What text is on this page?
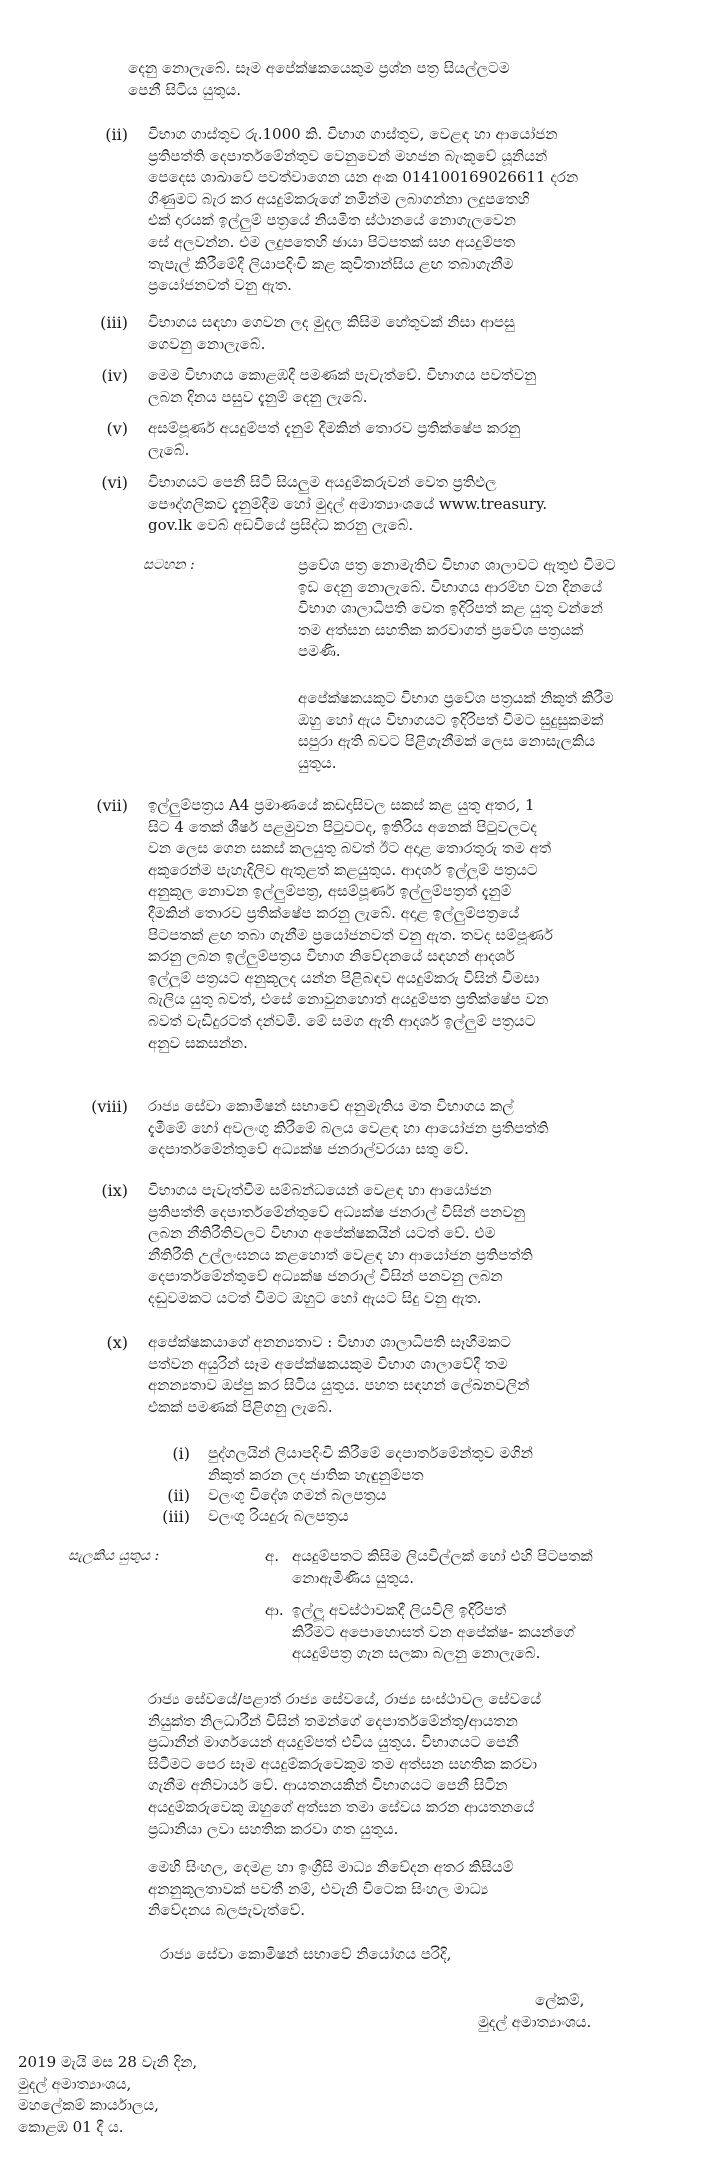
දෙනු නොලැබේ. සෑම අපේක්ෂකයෙකුම ප්‍රශ්න පත්‍ර සියල්ලටම
පෙනී සිටිය යුතුය.
(ii) විභාග ගාස්තුව රු.1000 කි. විභාග ගාස්තුව, වෙළඳ හා ආයෝජන
ප්‍රතිපත්ති දෙපාර්තමේන්තුව වෙනුවෙන් මහජන බැංකුවේ යූනියන්
පෙදෙස ශාඛාවේ පවත්වාගෙන යන අංක 014100169026611 දරන
ගිණුමට බැර කර අයදුම්කරුගේ නමින්ම ලබාගන්නා ලදුපතෙහි
එක් දාරයක් ඉල්ලුම් පත්‍රයේ නියමිත ස්ථානයේ නොගැලවෙන
සේ අලවන්න. එම ලදුපතෙහි ඡායා පිටපතක් සහ අයදුම්පත
තැපැල් කිරීමේදී ලියාපදිංචි කළ කුවිතාන්සිය ළඟ තබාගැනීම
ප්‍රයෝජනවත් වනු ඇත.
(iii) විභාගය සඳහා ගෙවන ලද මුදල කිසිම හේතුවක් නිසා ආපසු
ගෙවනු නොලැබේ.
(iv) මෙම විභාගය කොළඹදී පමණක් පැවැත්වේ. විභාගය පවත්වනු
ලබන දිනය පසුව දැනුම් දෙනු ලැබේ.
(v) අසම්පූර්ණ අයදුම්පත් දැනුම් දීමකින් තොරව ප්‍රතික්ෂේප කරනු
ලැබේ.
(vi) විභාගයට පෙනී සිටි සියලුම අයදුම්කරුවන් වෙත ප්‍රතිඵල
පෞද්ගලිකව දැනුම්දීම හෝ මුදල් අමාත්‍යාංශයේ www.treasury.
gov.lk වෙබ් අඩවියේ ප්‍රසිද්ධ කරනු ලැබේ.
සටහන :	ප්‍රවේශ පත්‍ර නොමැතිව විභාග ශාලාවට ඇතුළු වීමට
ඉඩ දෙනු නොලැබේ. විභාගය ආරම්භ වන දිනයේ
විභාග ශාලාධිපති වෙත ඉදිරිපත් කළ යුතු වන්නේ
තම අත්සන සහතික කරවාගත් ප්‍රවේශ පත්‍රයක්
පමණි.
අපේක්ෂකයකුට විභාග ප්‍රවේශ පත්‍රයක් නිකුත් කිරීම
ඔහු හෝ ඇය විභාගයට ඉදිරිපත් වීමට සුදුසුකමක්
සපුරා ඇති බවට පිළිගැනීමක් ලෙස නොසැලකිය
යුතුය.
(vii) ඉල්ලුම්පත්‍රය A4 ප්‍රමාණයේ කඩදාසිවල සකස් කළ යුතු අතර, 1
සිට 4 තෙක් ශීර්ෂ පළමුවන පිටුවටද, ඉතිරිය අනෙක් පිටුවලටද
වන ලෙස ගෙන සකස් කලයුතු බවත් ඊට අදාළ තොරතුරු තම අත්
අකුරෙන්ම පැහැදිලිව ඇතුළත් කළයුතුය. ආදර්ශ ඉල්ලුම් පත්‍රයට
අනුකූල නොවන ඉල්ලුම්පත්‍ර, අසම්පූර්ණ ඉල්ලුම්පත්‍රත් දැනුම්
දීමකින් තොරව ප්‍රතික්ෂේප කරනු ලැබේ. අදාළ ඉල්ලුම්පත්‍රයේ
පිටපතක් ළඟ තබා ගැනීම ප්‍රයෝජනවත් වනු ඇත. තවද සම්පූර්ණ
කරනු ලබන ඉල්ලුම්පත්‍රය විභාග නිවේදනයේ සඳහන් ආදර්ශ
ඉල්ලුම් පත්‍රයට අනුකූලද යන්න පිළිබඳව අයදුම්කරු විසින් විමසා
බැලිය යුතු බවත්, එසේ නොවුනහොත් අයදුම්පත ප්‍රතික්ෂේප වන
බවත් වැඩිදුරටත් දන්වමි. මේ සමග ඇති ආදර්ශ ඉල්ලුම් පත්‍රයට
අනුව සකසන්න.
(viii) රාජ්‍ය සේවා කොමිෂන් සභාවේ අනුමැතිය මත විභාගය කල්
දැමීමේ හෝ අවලංගු කිරීමේ බලය වෙළඳ හා ආයෝජන ප්‍රතිපත්ති
දෙපාර්තමේන්තුවේ අධ්‍යක්ෂ ජනරාල්වරයා සතු වේ.
(ix) විභාගය පැවැත්වීම සම්බන්ධයෙන් වෙළඳ හා ආයෝජන
ප්‍රතිපත්ති දෙපාර්තමේන්තුවේ අධ්‍යක්ෂ ජනරාල් විසින් පනවනු
ලබන නීතිරීතිවලට විභාග අපේක්ෂකයින් යටත් වේ. එම
නීතිරීති උල්ලංඝනය කළහොත් වෙළඳ හා ආයෝජන ප්‍රතිපත්ති
දෙපාර්තමේන්තුවේ අධ්‍යක්ෂ ජනරාල් විසින් පනවනු ලබන
දඬුවමකට යටත් වීමට ඔහුට හෝ ඇයට සිදු වනු ඇත.
(x) අපේක්ෂකයාගේ අනන්‍යතාව : විභාග ශාලාධිපති සෑහීමකට
පත්වන අයුරින් සෑම අපේක්ෂකයකුම විභාග ශාලාවේදී තම
අනන්‍යතාව ඔප්පු කර සිටිය යුතුය. පහත සඳහන් ලේඛනවලින්
එකක් පමණක් පිළිගනු ලැබේ.
(i) පුද්ගලයින් ලියාපදිංචි කිරීමේ දෙපාර්තමේන්තුව මගින්
නිකුත් කරන ලද ජාතික හැඳුනුම්පත
(ii) වලංගු විදේශ ගමන් බලපත්‍රය
(iii) වලංගු රියදුරු බලපත්‍රය
සැලකිය යුතුය :	අ. අයදුම්පතට කිසිම ලියවිල්ලක් හෝ එහි පිටපතක්
නොඇමිණිය යුතුය.
ආ. ඉල්ලූ අවස්ථාවකදී ලියවිලි ඉදිරිපත්
කිරීමට අපොහොසත් වන අපේක්ෂ- කයන්ගේ
අයදුම්පත්‍ර ගැන සලකා බලනු නොලැබේ.
රාජ්‍ය සේවයේ/පළාත් රාජ්‍ය සේවයේ, රාජ්‍ය සංස්ථාවල සේවයේ
නියුක්ත නිලධාරීන් විසින් තමන්ගේ දෙපාර්තමේන්තු/ආයතන
ප්‍රධානීන් මාර්ගයෙන් අයදුම්පත් එවිය යුතුය. විභාගයට පෙනී
සිටීමට පෙර සෑම අයදුම්කරුවෙකුම තම අත්සන සහතික කරවා
ගැනීම අනිවාර්ය වේ. ආයතනයකින් විභාගයට පෙනී සිටින
අයදුම්කරුවෙකු ඔහුගේ අත්සන තමා සේවය කරන ආයතනයේ
ප්‍රධානියා ලවා සහතික කරවා ගත යුතුය.
මෙහි සිංහල, දෙමළ හා ඉංග්‍රීසි මාධ්‍ය නිවේදන අතර කිසියම්
අනනුකූලතාවක් පවතී නම්, එවැනි විටෙක සිංහල මාධ්‍ය
නිවේදනය බලපැවැත්වේ.
රාජ්‍ය සේවා කොමිෂන් සභාවේ නියෝගය පරිදි,
ලේකම්,
මුදල් අමාත්‍යාංශය.
2019 මැයි මස 28 වැනි දින,
මුදල් අමාත්‍යාංශය,
මහලේකම් කාර්යාලය,
කොළඹ 01 දී ය.
